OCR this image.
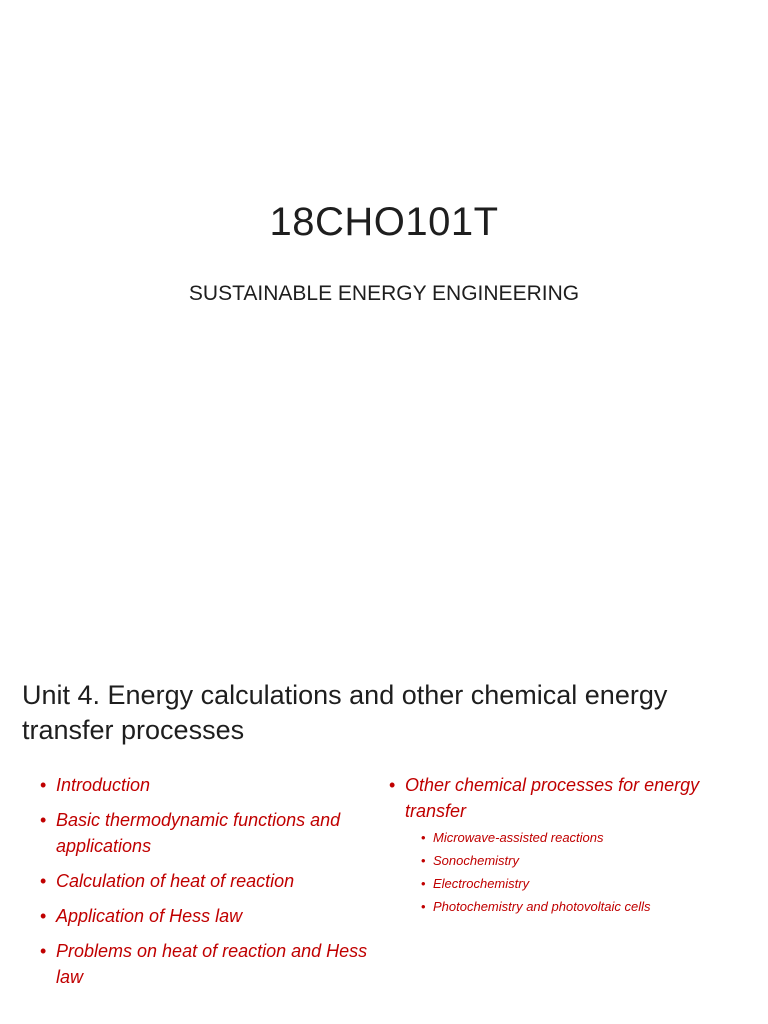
18CHO101T
SUSTAINABLE ENERGY ENGINEERING
Unit 4. Energy calculations and other chemical energy transfer processes
• Introduction
• Basic thermodynamic functions and applications
• Calculation of heat of reaction
• Application of Hess law
• Problems on heat of reaction and Hess law
• Other chemical processes for energy transfer
• Microwave-assisted reactions
• Sonochemistry
• Electrochemistry
• Photochemistry and photovoltaic cells
